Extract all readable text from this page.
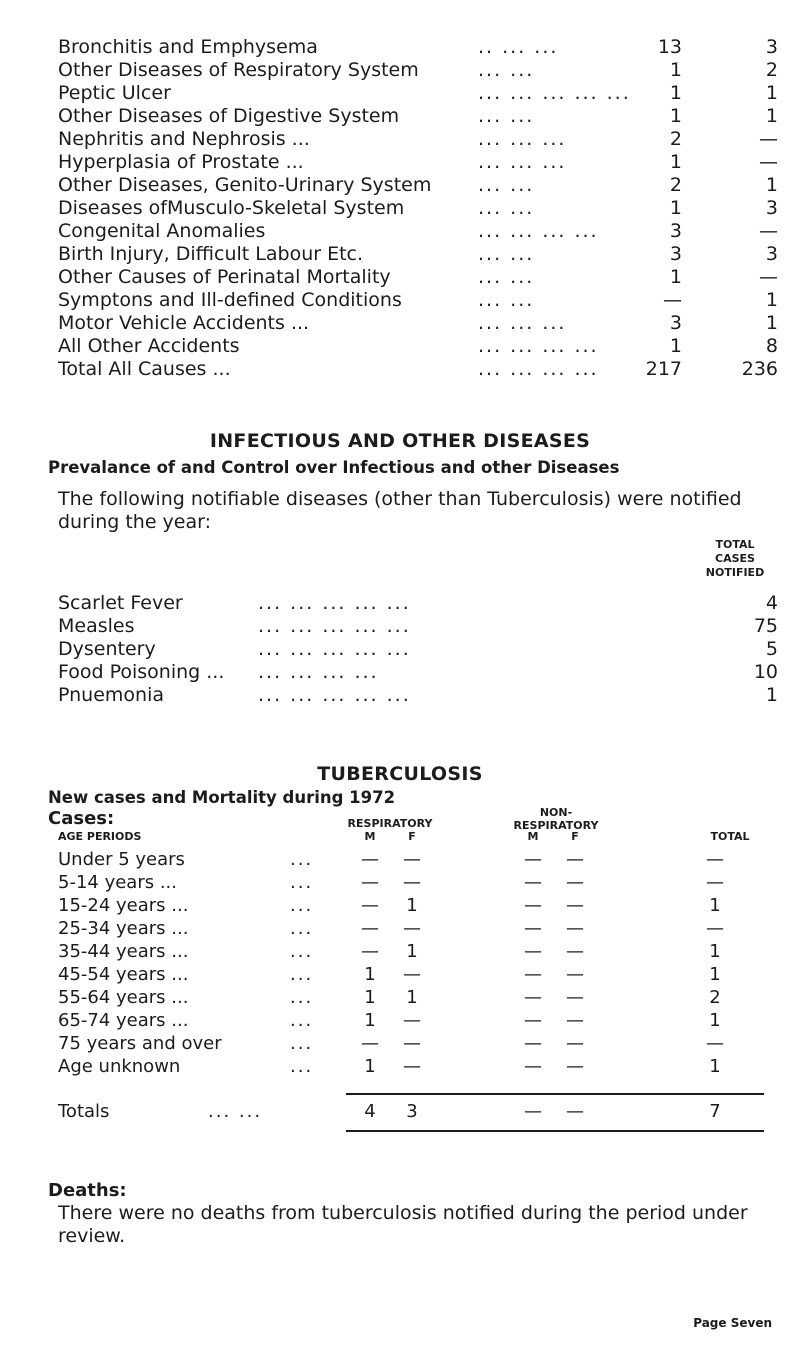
Bronchitis and Emphysema	.. ... ...	13	3
Other Diseases of Respiratory System	... ...	1	2
Peptic Ulcer	... ... ... ... ...	1	1
Other Diseases of Digestive System	... ...	1	1
Nephritis and Nephrosis ...	... ... ...	2	—
Hyperplasia of Prostate ...	... ... ...	1	—
Other Diseases, Genito-Urinary System ... ...	2	1
Diseases ofMusculo-Skeletal System	... ...	1	3
Congenital Anomalies	... ... ... ...	3	—
Birth Injury, Difficult Labour Etc.	... ...	3	3
Other Causes of Perinatal Mortality	... ...	1	—
Symptons and Ill-defined Conditions	... ...	—	1
Motor Vehicle Accidents ...	... ... ...	3	1
All Other Accidents	... ... ... ...	1	8
Total All Causes ...	... ... ... ...	217	236
INFECTIOUS AND OTHER DISEASES
Prevalance of and Control over Infectious and other Diseases
The following notifiable diseases (other than Tuberculosis) were notified during the year:
TOTAL
CASES
NOTIFIED
Scarlet Fever	... ... ... ... ...	4
Measles	... ... ... ... ...	75
Dysentery	... ... ... ... ...	5
Food Poisoning ... ... ... ... ...	10
Pnuemonia	... ... ... ... ...	1
TUBERCULOSIS
New cases and Mortality during 1972
Cases:	RESPIRATORY
NON-
RESPIRATORY
AGE PERIODS	M	F	M	F	TOTAL
Under 5 years	...	—	—	—	—	—
5-14 years ...	...	—	—	—	—	—
15-24 years ...	...	—	1	—	—	1
25-34 years ...	...	—	—	—	—	—
35-44 years ...	...	—	1	—	—	1
45-54 years ...	...	1	—	—	—	1
55-64 years ...	...	1	1	—	—	2
65-74 years ...	...	1	—	—	—	1
75 years and over	...	—	—	—	—	—
Age unknown	...	1	—	—	—	1
Totals	... ...	4	3	—	—	7
Deaths:
There were no deaths from tuberculosis notified during the period under review.
Page Seven
